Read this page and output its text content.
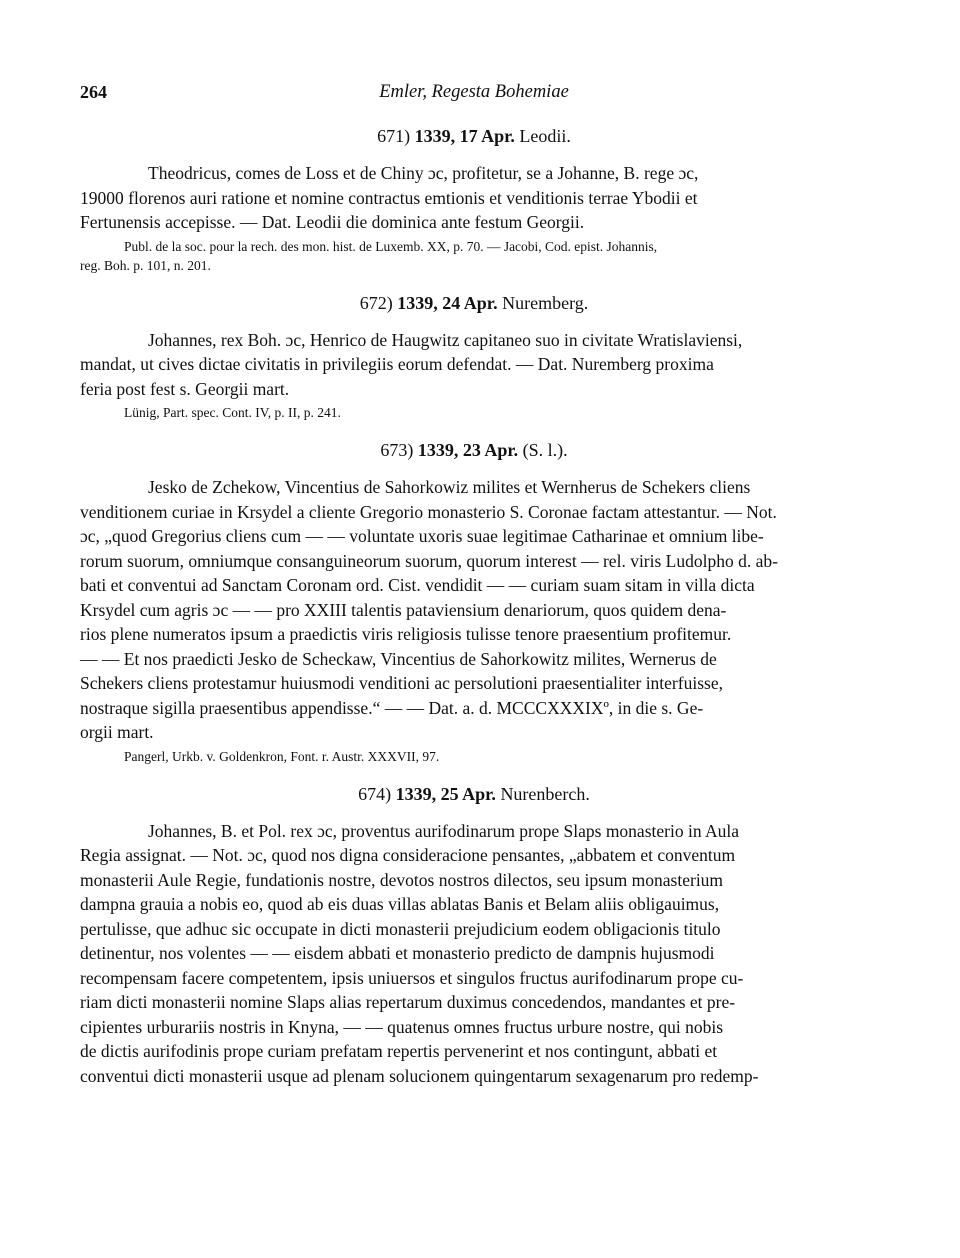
264	Emler, Regesta Bohemiae
671) 1339, 17 Apr. Leodii.

Theodricus, comes de Loss et de Chiny ɔc, profitetur, se a Johanne, B. rege ɔc,
19000 florenos auri ratione et nomine contractus emtionis et venditionis terrae Ybodii et
Fertunensis accepisse. — Dat. Leodii die dominica ante festum Georgii.

Publ. de la soc. pour la rech. des mon. hist. de Luxemb. XX, p. 70. — Jacobi, Cod. epist. Johannis,
reg. Boh. p. 101, n. 201.
672) 1339, 24 Apr. Nuremberg.

Johannes, rex Boh. ɔc, Henrico de Haugwitz capitaneo suo in civitate Wratislaviensi,
mandat, ut cives dictae civitatis in privilegiis eorum defendat. — Dat. Nuremberg proxima
feria post fest s. Georgii mart.

Lünig, Part. spec. Cont. IV, p. II, p. 241.
673) 1339, 23 Apr. (S. l.).

Jesko de Zchekow, Vincentius de Sahorkowiz milites et Wernherus de Schekers cliens
venditionem curiae in Krsydel a cliente Gregorio monasterio S. Coronae factam attestantur. — Not.
ɔc, „quod Gregorius cliens cum — — voluntate uxoris suae legitimae Catharinae et omnium libe-
rorum suorum, omniumque consanguineorum suorum, quorum interest — rel. viris Ludolpho d. ab-
bati et conventui ad Sanctam Coronam ord. Cist. vendidit — — curiam suam sitam in villa dicta
Krsydel cum agris ɔc — — pro XXIII talentis pataviensium denariorum, quos quidem dena-
rios plene numeratos ipsum a praedictis viris religiosis tulisse tenore praesentium profitemur.
— — Et nos praedicti Jesko de Scheckaw, Vincentius de Sahorkowitz milites, Wernerus de
Schekers cliens protestamur huiusmodi venditioni ac persolutioni praesentialiter interfuisse,
nostraque sigilla praesentibus appendisse.“ — — Dat. a. d. MCCCXXXIXº, in die s. Ge-
orgii mart.

Pangerl, Urkb. v. Goldenkron, Font. r. Austr. XXXVII, 97.
674) 1339, 25 Apr. Nurenberch.

Johannes, B. et Pol. rex ɔc, proventus aurifodinarum prope Slaps monasterio in Aula
Regia assignat. — Not. ɔc, quod nos digna consideracione pensantes, „abbatem et conventum
monasterii Aule Regie, fundationis nostre, devotos nostros dilectos, seu ipsum monasterium
dampna grauia a nobis eo, quod ab eis duas villas ablatas Banis et Belam aliis obligauimus,
pertulisse, que adhuc sic occupate in dicti monasterii prejudicium eodem obligacionis titulo
detinentur, nos volentes — — eisdem abbati et monasterio predicto de dampnis hujusmodi
recompensam facere competentem, ipsis uniuersos et singulos fructus aurifodinarum prope cu-
riam dicti monasterii nomine Slaps alias repertarum duximus concedendos, mandantes et pre-
cipientes urburariis nostris in Knyna, — — quatenus omnes fructus urbure nostre, qui nobis
de dictis aurifodinis prope curiam prefatam repertis pervenerint et nos contingunt, abbati et
conventui dicti monasterii usque ad plenam solucionem quingentarum sexagenarum pro redemp-
